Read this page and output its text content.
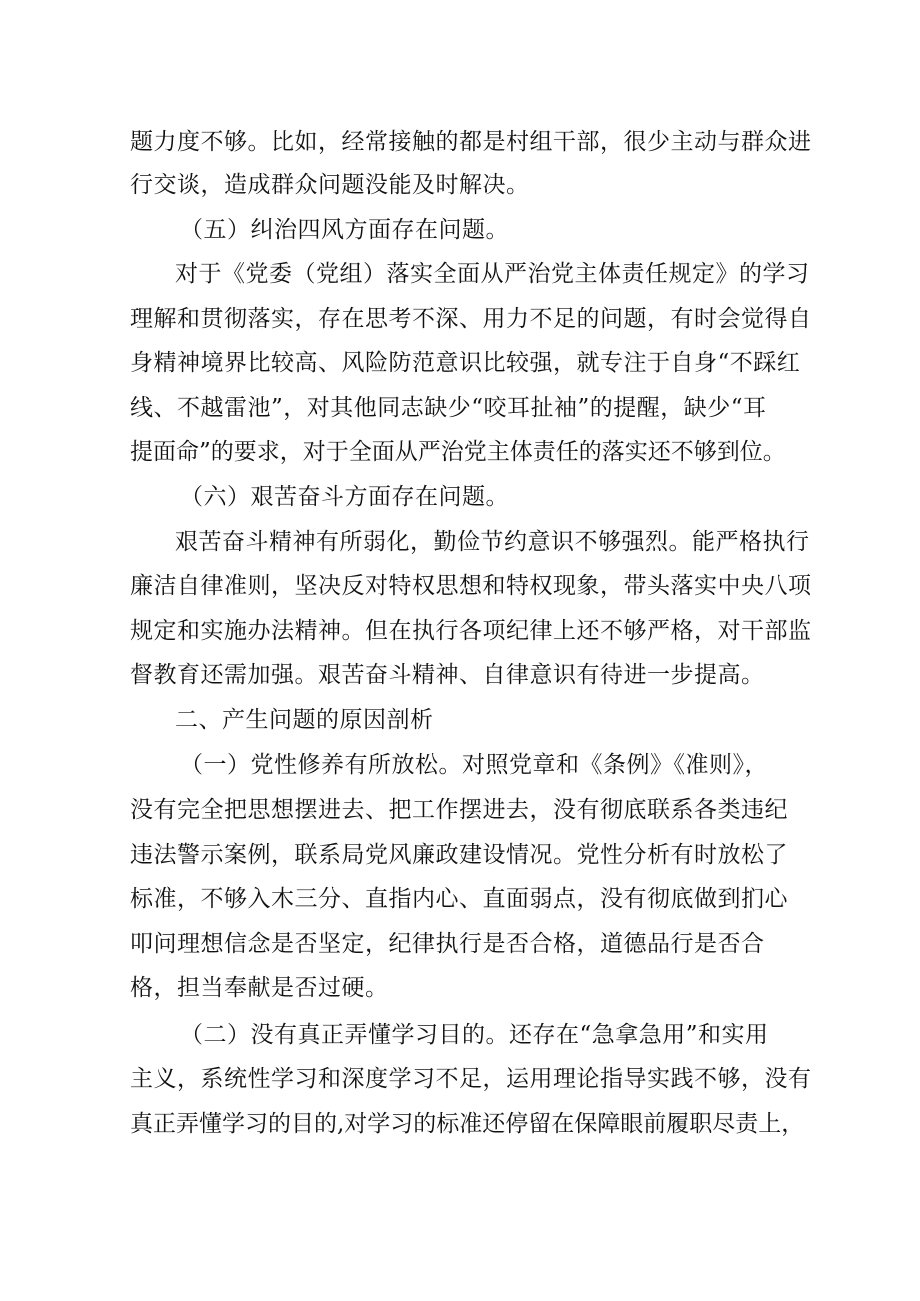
题力度不够。比如，经常接触的都是村组干部，很少主动与群众进
行交谈，造成群众问题没能及时解决。
（五）纠治四风方面存在问题。
对于《党委（党组）落实全面从严治党主体责任规定》的学习
理解和贯彻落实，存在思考不深、用力不足的问题，有时会觉得自
身精神境界比较高、风险防范意识比较强，就专注于自身“不踩红
线、不越雷池”，对其他同志缺少“咬耳扯袖”的提醒，缺少“耳
提面命”的要求，对于全面从严治党主体责任的落实还不够到位。
（六）艰苦奋斗方面存在问题。
艰苦奋斗精神有所弱化，勤俭节约意识不够强烈。能严格执行
廉洁自律准则，坚决反对特权思想和特权现象，带头落实中央八项
规定和实施办法精神。但在执行各项纪律上还不够严格，对干部监
督教育还需加强。艰苦奋斗精神、自律意识有待进一步提高。
二、产生问题的原因剖析
（一）党性修养有所放松。对照党章和《条例》《准则》，
没有完全把思想摆进去、把工作摆进去，没有彻底联系各类违纪
违法警示案例，联系局党风廉政建设情况。党性分析有时放松了
标准，不够入木三分、直指内心、直面弱点，没有彻底做到扪心
叩问理想信念是否坚定，纪律执行是否合格，道德品行是否合
格，担当奉献是否过硬。
（二）没有真正弄懂学习目的。还存在“急拿急用”和实用
主义，系统性学习和深度学习不足，运用理论指导实践不够，没有
真正弄懂学习的目的,对学习的标准还停留在保障眼前履职尽责上，
